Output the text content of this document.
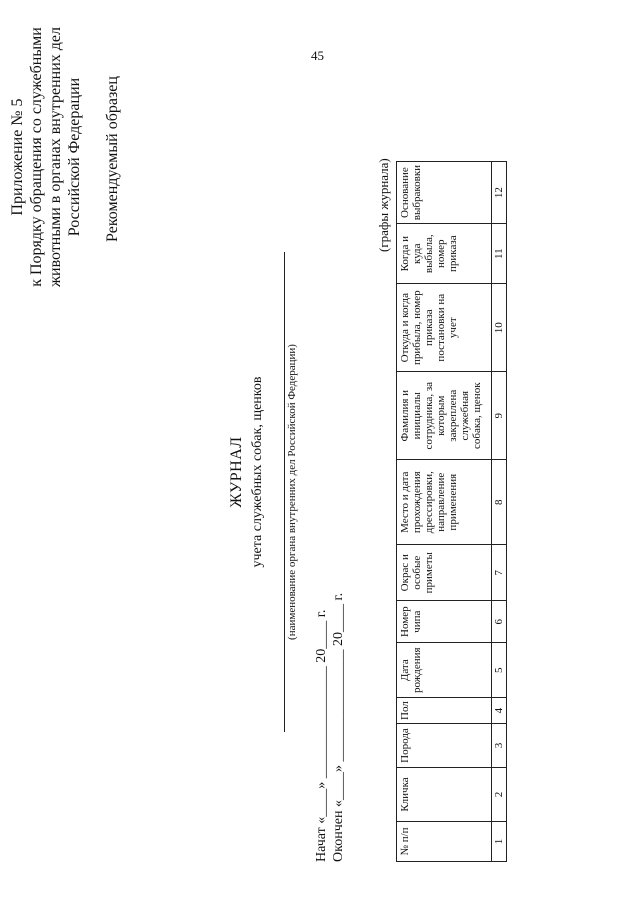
45
Приложение № 5 к Порядку обращения со служебными животными в органах внутренних дел Российской Федерации Рекомендуемый образец
ЖУРНАЛ учета служебных собак, щенков (наименование органа внутренних дел Российской Федерации)
Начат «____» ________________ 20____ г. Окончен «____» ________________ 20____ г.
(графы журнала)
№ п/п	Кличка	Порода	Пол	Дата рождения	Номер чипа	Окрас и особые приметы	Место и дата прохождения дрессировки, направление применения	Фамилия и инициалы сотрудника, за которым закреплена служебная собака, щенок	Откуда и когда прибыла, номер приказа постановки на учет	Когда и куда выбыла, номер приказа	Основание выбраковки
1	2	3	4	5	6	7	8	9	10	11	12
